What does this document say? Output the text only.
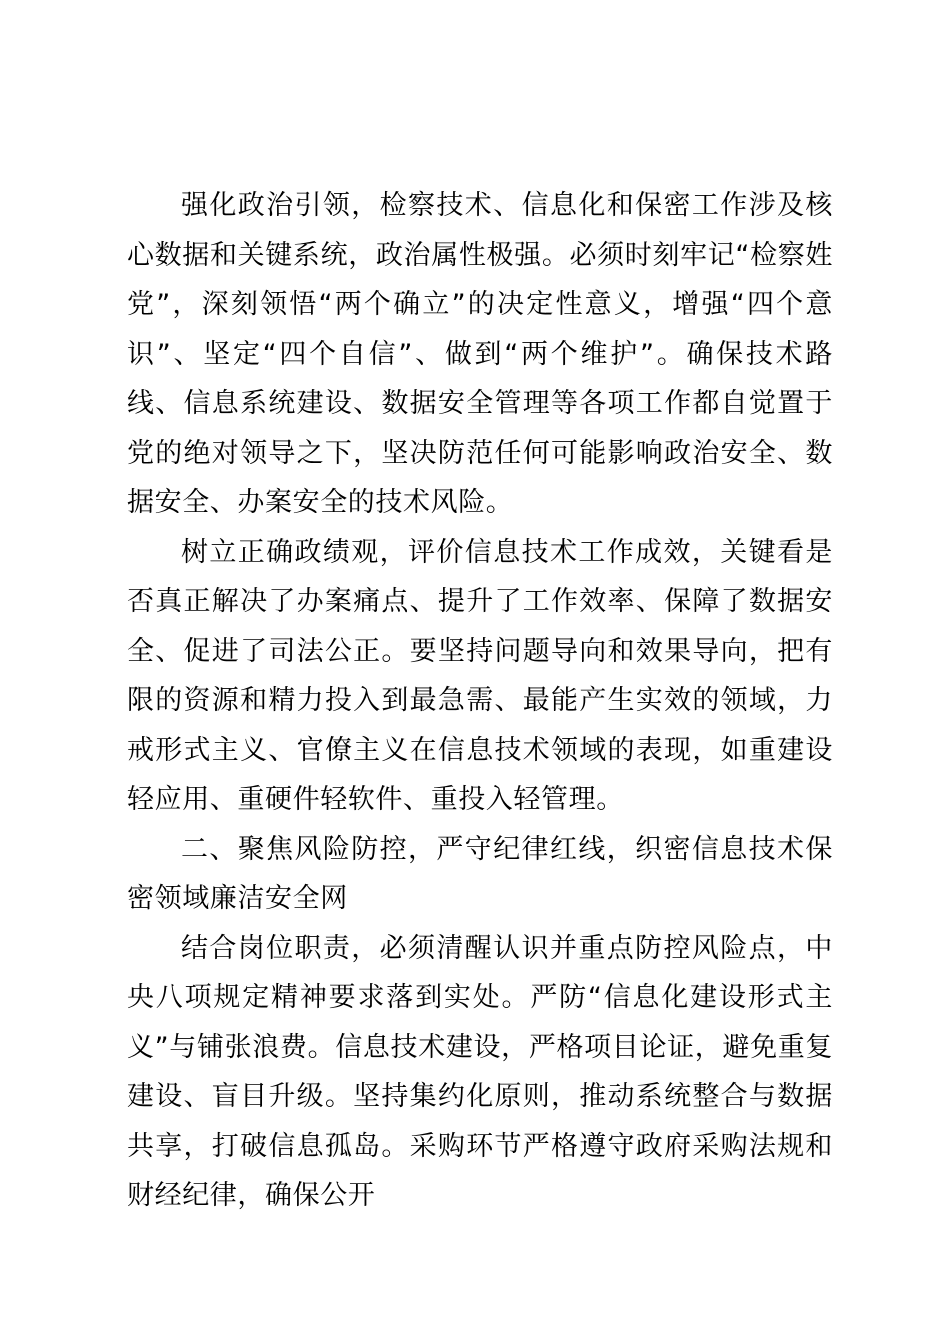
强化政治引领，检察技术、信息化和保密工作涉及核心数据和关键系统，政治属性极强。必须时刻牢记“检察姓党”，深刻领悟“两个确立”的决定性意义，增强“四个意识”、坚定“四个自信”、做到“两个维护”。确保技术路线、信息系统建设、数据安全管理等各项工作都自觉置于党的绝对领导之下，坚决防范任何可能影响政治安全、数据安全、办案安全的技术风险。

树立正确政绩观，评价信息技术工作成效，关键看是否真正解决了办案痛点、提升了工作效率、保障了数据安全、促进了司法公正。要坚持问题导向和效果导向，把有限的资源和精力投入到最急需、最能产生实效的领域，力戒形式主义、官僚主义在信息技术领域的表现，如重建设轻应用、重硬件轻软件、重投入轻管理。

二、聚焦风险防控，严守纪律红线，织密信息技术保密领域廉洁安全网

结合岗位职责，必须清醒认识并重点防控风险点，中央八项规定精神要求落到实处。严防“信息化建设形式主义”与铺张浪费。信息技术建设，严格项目论证，避免重复建设、盲目升级。坚持集约化原则，推动系统整合与数据共享，打破信息孤岛。采购环节严格遵守政府采购法规和财经纪律，确保公开
